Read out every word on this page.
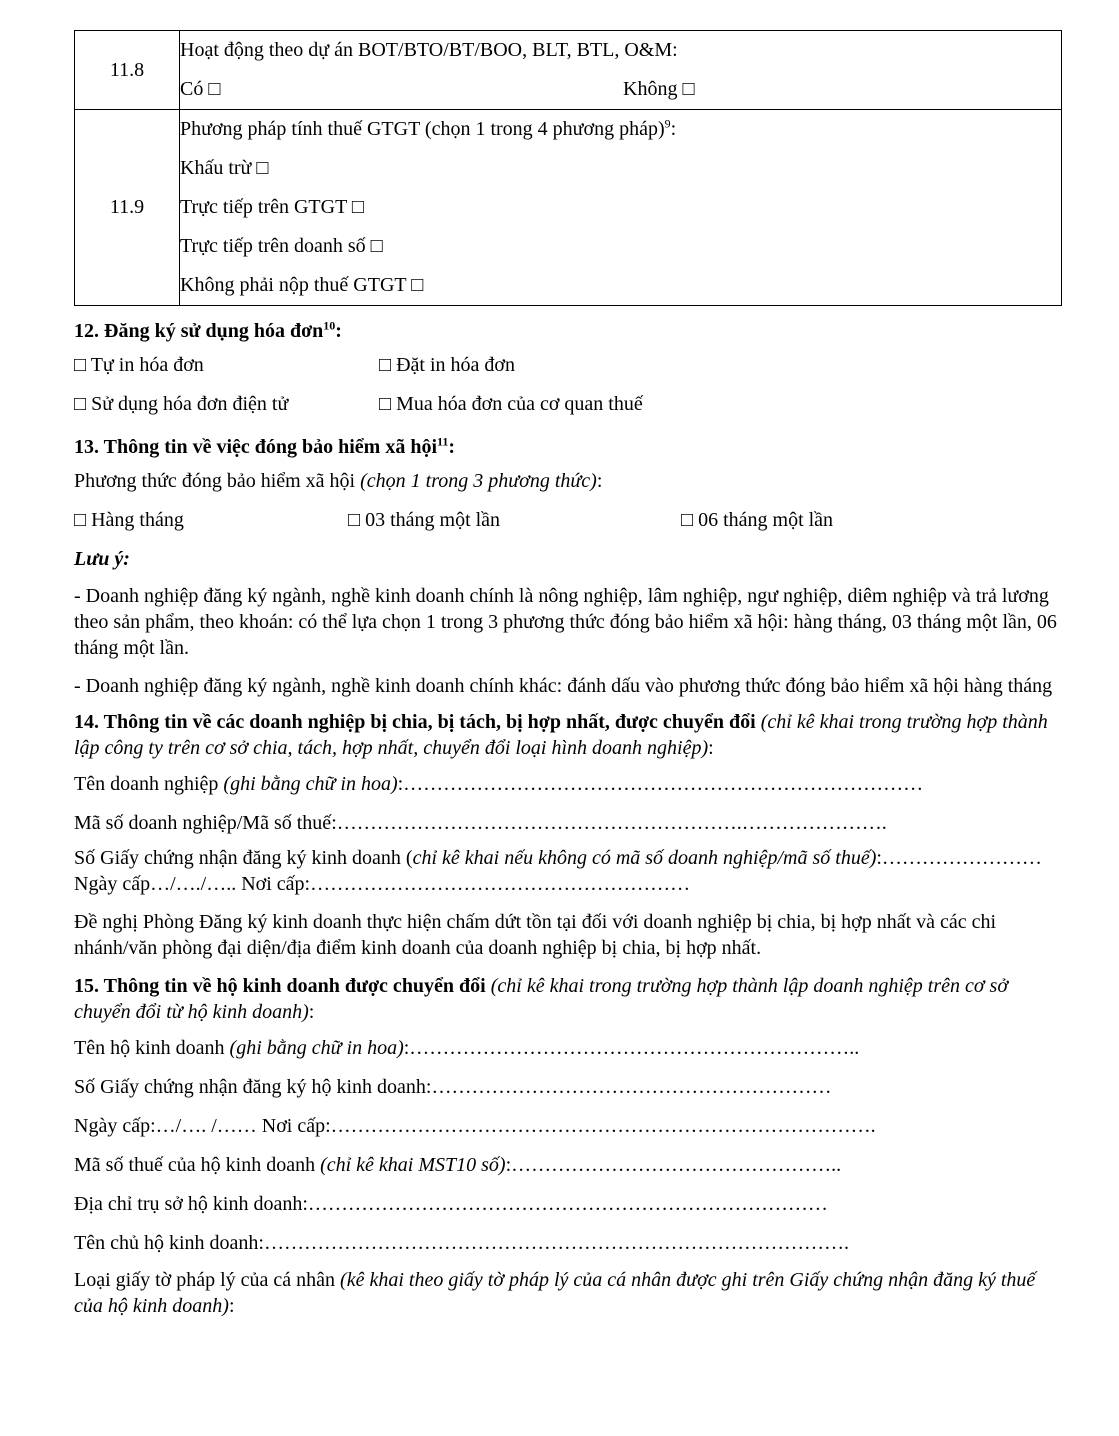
11.8	Hoạt động theo dự án BOT/BTO/BT/BOO, BLT, BTL, O&M:
Có □ Không □

11.9	Phương pháp tính thuế GTGT (chọn 1 trong 4 phương pháp)$^9$:
Khấu trừ □
Trực tiếp trên GTGT □
Trực tiếp trên doanh số □
Không phải nộp thuế GTGT □
12. Đăng ký sử dụng hóa đơn$^{10}$:
□ Tự in hóa đơn	□ Đặt in hóa đơn
□ Sử dụng hóa đơn điện tử	□ Mua hóa đơn của cơ quan thuế
13. Thông tin về việc đóng bảo hiểm xã hội$^{11}$:
Phương thức đóng bảo hiểm xã hội (chọn 1 trong 3 phương thức):
□ Hàng tháng	□ 03 tháng một lần	□ 06 tháng một lần
Lưu ý:
- Doanh nghiệp đăng ký ngành, nghề kinh doanh chính là nông nghiệp, lâm nghiệp, ngư nghiệp, diêm nghiệp và trả lương theo sản phẩm, theo khoán: có thể lựa chọn 1 trong 3 phương thức đóng bảo hiểm xã hội: hàng tháng, 03 tháng một lần, 06 tháng một lần.
- Doanh nghiệp đăng ký ngành, nghề kinh doanh chính khác: đánh dấu vào phương thức đóng bảo hiểm xã hội hàng tháng
14. Thông tin về các doanh nghiệp bị chia, bị tách, bị hợp nhất, được chuyển đổi (chỉ kê khai trong trường hợp thành lập công ty trên cơ sở chia, tách, hợp nhất, chuyển đổi loại hình doanh nghiệp):
Tên doanh nghiệp (ghi bằng chữ in hoa):……………………………………………………………………
Mã số doanh nghiệp/Mã số thuế:…………………………………………………….………………….
Số Giấy chứng nhận đăng ký kinh doanh (chỉ kê khai nếu không có mã số doanh nghiệp/mã số thuế):…………………… Ngày cấp…/…./….. Nơi cấp:…………………………………………………
Đề nghị Phòng Đăng ký kinh doanh thực hiện chấm dứt tồn tại đối với doanh nghiệp bị chia, bị hợp nhất và các chi nhánh/văn phòng đại diện/địa điểm kinh doanh của doanh nghiệp bị chia, bị hợp nhất.
15. Thông tin về hộ kinh doanh được chuyển đổi (chỉ kê khai trong trường hợp thành lập doanh nghiệp trên cơ sở chuyển đổi từ hộ kinh doanh):
Tên hộ kinh doanh (ghi bằng chữ in hoa):…………………………………………………………..
Số Giấy chứng nhận đăng ký hộ kinh doanh:……………………………………………………
Ngày cấp:…/…. /…… Nơi cấp:……………………………………………………………………….
Mã số thuế của hộ kinh doanh (chỉ kê khai MST10 số):…………………………………………..
Địa chỉ trụ sở hộ kinh doanh:……………………………………………………………………
Tên chủ hộ kinh doanh:…………………………………………………………………………….
Loại giấy tờ pháp lý của cá nhân (kê khai theo giấy tờ pháp lý của cá nhân được ghi trên Giấy chứng nhận đăng ký thuế của hộ kinh doanh):
